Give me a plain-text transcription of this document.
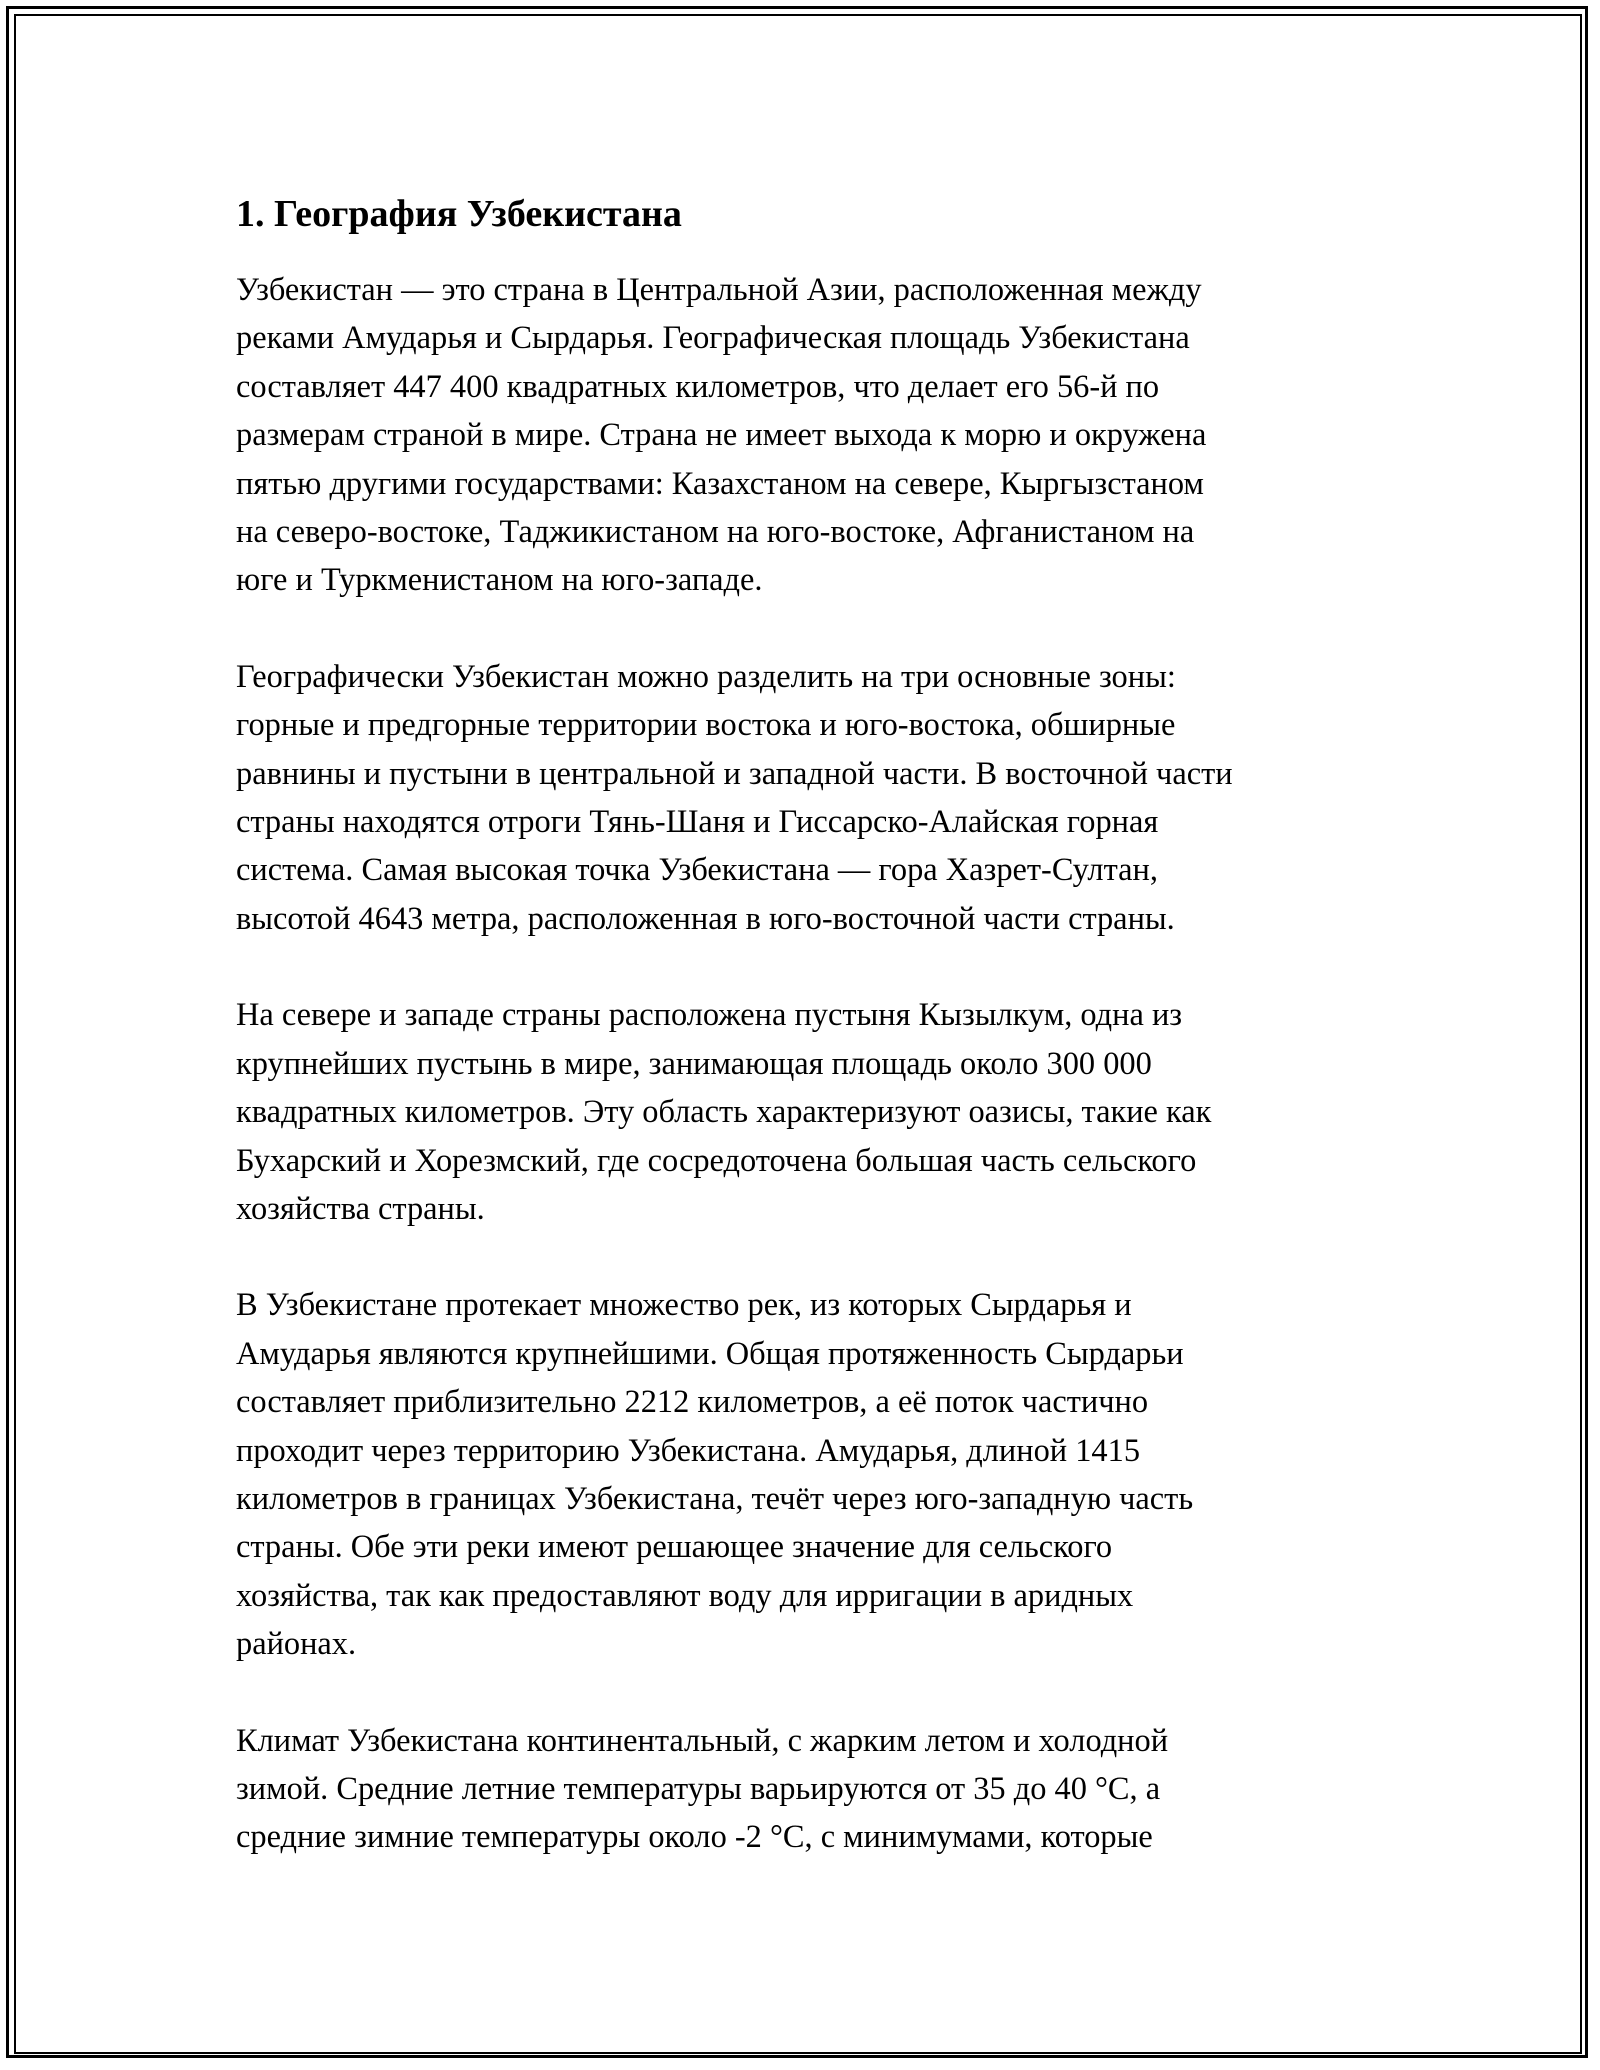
1. География Узбекистана

Узбекистан — это страна в Центральной Азии, расположенная между
реками Амударья и Сырдарья. Географическая площадь Узбекистана
составляет 447 400 квадратных километров, что делает его 56-й по
размерам страной в мире. Страна не имеет выхода к морю и окружена
пятью другими государствами: Казахстаном на севере, Кыргызстаном
на северо-востоке, Таджикистаном на юго-востоке, Афганистаном на
юге и Туркменистаном на юго-западе.

Географически Узбекистан можно разделить на три основные зоны:
горные и предгорные территории востока и юго-востока, обширные
равнины и пустыни в центральной и западной части. В восточной части
страны находятся отроги Тянь-Шаня и Гиссарско-Алайская горная
система. Самая высокая точка Узбекистана — гора Хазрет-Султан,
высотой 4643 метра, расположенная в юго-восточной части страны.

На севере и западе страны расположена пустыня Кызылкум, одна из
крупнейших пустынь в мире, занимающая площадь около 300 000
квадратных километров. Эту область характеризуют оазисы, такие как
Бухарский и Хорезмский, где сосредоточена большая часть сельского
хозяйства страны.

В Узбекистане протекает множество рек, из которых Сырдарья и
Амударья являются крупнейшими. Общая протяженность Сырдарьи
составляет приблизительно 2212 километров, а её поток частично
проходит через территорию Узбекистана. Амударья, длиной 1415
километров в границах Узбекистана, течёт через юго-западную часть
страны. Обе эти реки имеют решающее значение для сельского
хозяйства, так как предоставляют воду для ирригации в аридных
районах.

Климат Узбекистана континентальный, с жарким летом и холодной
зимой. Средние летние температуры варьируются от 35 до 40 °C, а
средние зимние температуры около -2 °C, с минимумами, которые
